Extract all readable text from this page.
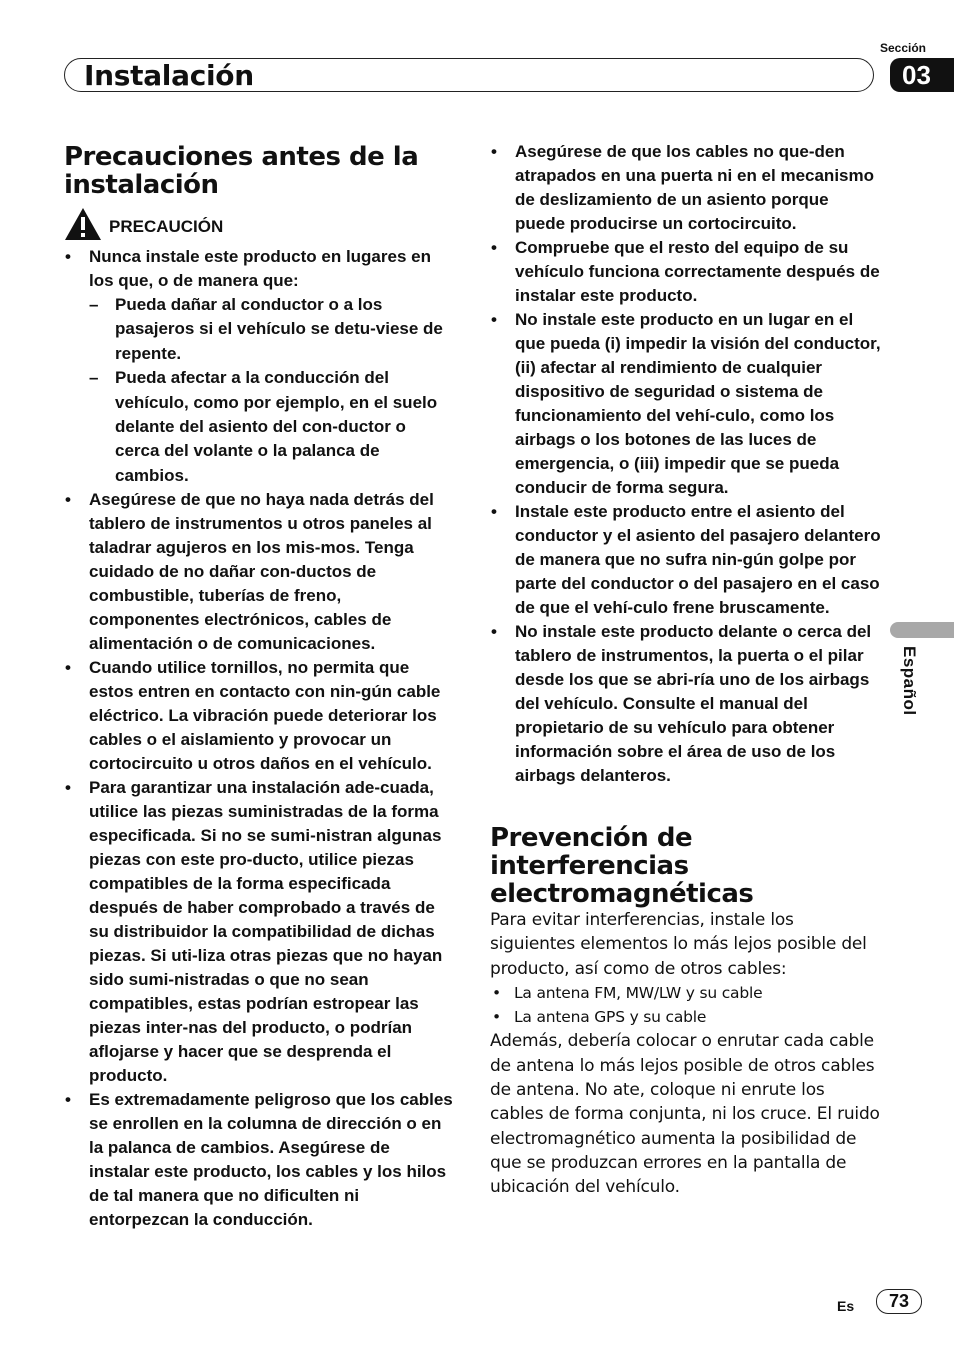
Sección
Instalación	03
Español
Precauciones antes de la instalación
PRECAUCIÓN
• Nunca instale este producto en lugares en los que, o de manera que:
– Pueda dañar al conductor o a los pasajeros si el vehículo se detu-viese de repente.
– Pueda afectar a la conducción del vehículo, como por ejemplo, en el suelo delante del asiento del con-ductor o cerca del volante o la palanca de cambios.
• Asegúrese de que no haya nada detrás del tablero de instrumentos u otros paneles al taladrar agujeros en los mis-mos. Tenga cuidado de no dañar con-ductos de combustible, tuberías de freno, componentes electrónicos, cables de alimentación o de comunicaciones.
• Cuando utilice tornillos, no permita que estos entren en contacto con nin-gún cable eléctrico. La vibración puede deteriorar los cables o el aislamiento y provocar un cortocircuito u otros daños en el vehículo.
• Para garantizar una instalación ade-cuada, utilice las piezas suministradas de la forma especificada. Si no se sumi-nistran algunas piezas con este pro-ducto, utilice piezas compatibles de la forma especificada después de haber comprobado a través de su distribuidor la compatibilidad de dichas piezas. Si uti-liza otras piezas que no hayan sido sumi-nistradas o que no sean compatibles, estas podrían estropear las piezas inter-nas del producto, o podrían aflojarse y hacer que se desprenda el producto.
• Es extremadamente peligroso que los cables se enrollen en la columna de dirección o en la palanca de cambios. Asegúrese de instalar este producto, los cables y los hilos de tal manera que no dificulten ni entorpezcan la conducción.
• Asegúrese de que los cables no que-den atrapados en una puerta ni en el mecanismo de deslizamiento de un asiento porque puede producirse un cortocircuito.
• Compruebe que el resto del equipo de su vehículo funciona correctamente después de instalar este producto.
• No instale este producto en un lugar en el que pueda (i) impedir la visión del conductor, (ii) afectar al rendimiento de cualquier dispositivo de seguridad o sistema de funcionamiento del vehí-culo, como los airbags o los botones de las luces de emergencia, o (iii) impedir que se pueda conducir de forma segura.
• Instale este producto entre el asiento del conductor y el asiento del pasajero delantero de manera que no sufra nin-gún golpe por parte del conductor o del pasajero en el caso de que el vehí-culo frene bruscamente.
• No instale este producto delante o cerca del tablero de instrumentos, la puerta o el pilar desde los que se abri-ría uno de los airbags del vehículo. Consulte el manual del propietario de su vehículo para obtener información sobre el área de uso de los airbags delanteros.
Prevención de interferencias electromagnéticas

Para evitar interferencias, instale los siguientes elementos lo más lejos posible del producto, así como de otros cables:

• La antena FM, MW/LW y su cable
• La antena GPS y su cable

Además, debería colocar o enrutar cada cable de antena lo más lejos posible de otros cables de antena. No ate, coloque ni enrute los cables de forma conjunta, ni los cruce. El ruido electromagnético aumenta la posibilidad de que se produzcan errores en la pantalla de ubicación del vehículo.

Es	73
